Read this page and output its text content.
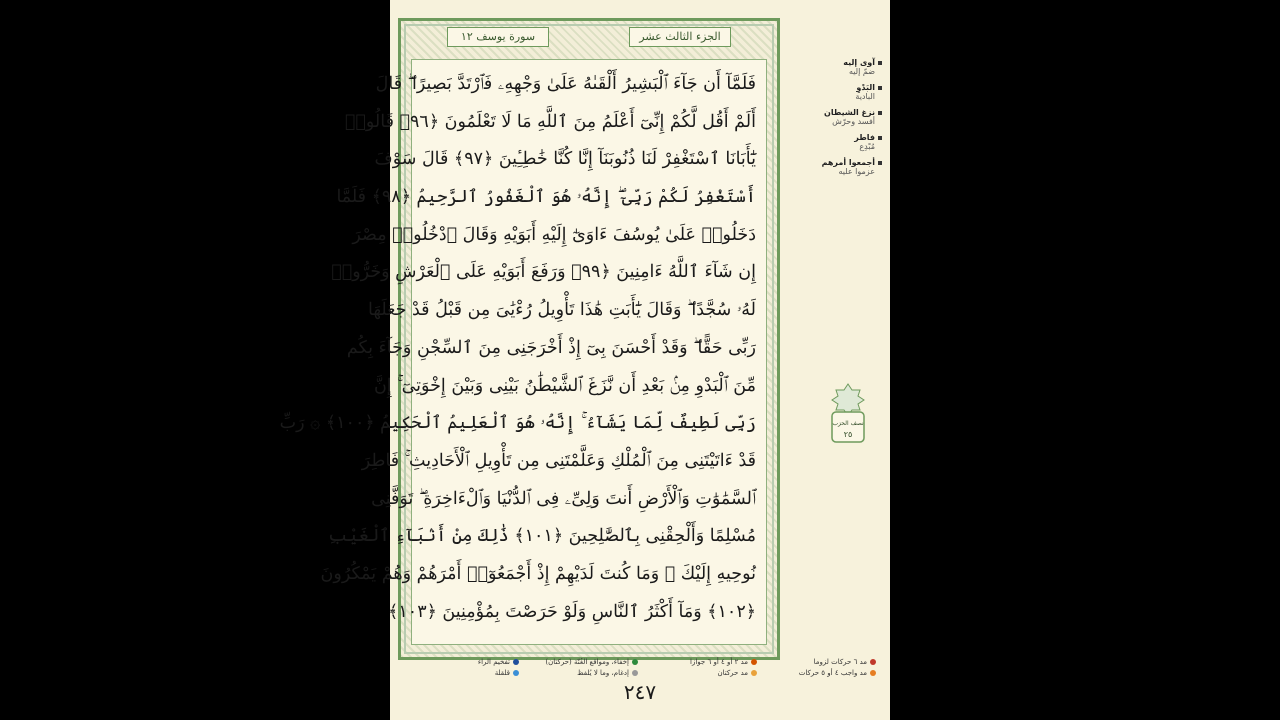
سورة يوسف ١٢	الجزء الثالث عشر
فَلَمَّآ أَن جَآءَ ٱلْبَشِيرُ أَلْقَىٰهُ عَلَىٰ وَجْهِهِۦ فَٱرْتَدَّ بَصِيرًا ۖ قَالَ
أَلَمْ أَقُل لَّكُمْ إِنِّىٓ أَعْلَمُ مِنَ ٱللَّهِ مَا لَا تَعْلَمُونَ ﴿٩٦﴾ قَالُوا۟
يَٰٓأَبَانَا ٱسْتَغْفِرْ لَنَا ذُنُوبَنَآ إِنَّا كُنَّا خَٰطِـِٔينَ ﴿٩٧﴾ قَالَ سَوْفَ
أَسْتَغْفِرُ لَكُمْ رَبِّىٓ ۖ إِنَّهُۥ هُوَ ٱلْغَفُورُ ٱلرَّحِيمُ ﴿٩٨﴾ فَلَمَّا
دَخَلُوا۟ عَلَىٰ يُوسُفَ ءَاوَىٰٓ إِلَيْهِ أَبَوَيْهِ وَقَالَ ٱدْخُلُوا۟ مِصْرَ
إِن شَآءَ ٱللَّهُ ءَامِنِينَ ﴿٩٩﴾ وَرَفَعَ أَبَوَيْهِ عَلَى ٱلْعَرْشِ وَخَرُّوا۟
لَهُۥ سُجَّدًا ۖ وَقَالَ يَٰٓأَبَتِ هَٰذَا تَأْوِيلُ رُءْيَٰىَ مِن قَبْلُ قَدْ جَعَلَهَا
رَبِّى حَقًّا ۖ وَقَدْ أَحْسَنَ بِىٓ إِذْ أَخْرَجَنِى مِنَ ٱلسِّجْنِ وَجَآءَ بِكُم
مِّنَ ٱلْبَدْوِ مِنۢ بَعْدِ أَن نَّزَغَ ٱلشَّيْطَٰنُ بَيْنِى وَبَيْنَ إِخْوَتِىٓ ۚ إِنَّ
رَبِّى لَطِيفٌ لِّمَا يَشَآءُ ۚ إِنَّهُۥ هُوَ ٱلْعَلِيمُ ٱلْحَكِيمُ ﴿١٠٠﴾ ۞ رَبِّ
قَدْ ءَاتَيْتَنِى مِنَ ٱلْمُلْكِ وَعَلَّمْتَنِى مِن تَأْوِيلِ ٱلْأَحَادِيثِ ۚ فَاطِرَ
ٱلسَّمَٰوَٰتِ وَٱلْأَرْضِ أَنتَ وَلِىِّۦ فِى ٱلدُّنْيَا وَٱلْءَاخِرَةِ ۖ تَوَفَّنِى
مُسْلِمًا وَأَلْحِقْنِى بِٱلصَّٰلِحِينَ ﴿١٠١﴾ ذَٰلِكَ مِنْ أَنۢبَآءِ ٱلْغَيْبِ
نُوحِيهِ إِلَيْكَ ۖ وَمَا كُنتَ لَدَيْهِمْ إِذْ أَجْمَعُوٓا۟ أَمْرَهُمْ وَهُمْ يَمْكُرُونَ
﴿١٠٢﴾ وَمَآ أَكْثَرُ ٱلنَّاسِ وَلَوْ حَرَصْتَ بِمُؤْمِنِينَ ﴿١٠٣﴾
مد ٦ حركات لزوما
مد واجب ٤ أو ٥ حركات
مد ٢ أو ٤ أو ٦ جوازا
مد حركتان
إخفاء، ومواقع الغُنّة (حركتان)
إدغام، وما لا يُلفظ
تفخيم الراء
قلقلة
٢٤٧
آوى إليه
ضمّ إليه
البَدْوِ
البادية
نزغ الشيطان
أفسد وحرّش
فاطر
مُبْدِع
أجمعوا أمرهم
عزموا عليه
نصف الحزب
٢٥
